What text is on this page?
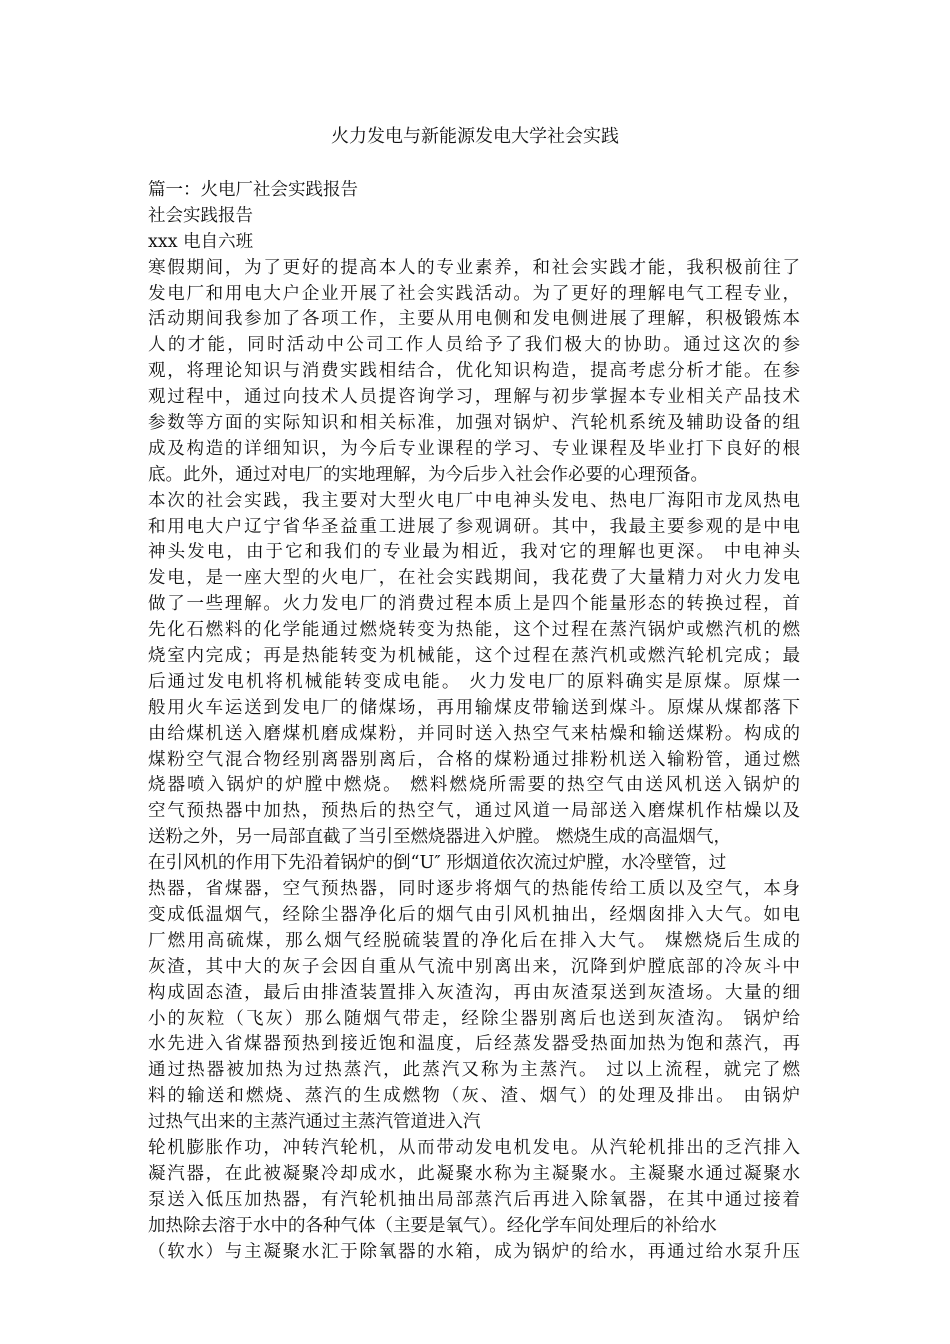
火力发电与新能源发电大学社会实践
篇一：火电厂社会实践报告
社会实践报告
xxx 电自六班
寒假期间，为了更好的提高本人的专业素养，和社会实践才能，我积极前往了
发电厂和用电大户企业开展了社会实践活动。为了更好的理解电气工程专业，
活动期间我参加了各项工作，主要从用电侧和发电侧进展了理解，积极锻炼本
人的才能，同时活动中公司工作人员给予了我们极大的协助。通过这次的参
观，将理论知识与消费实践相结合，优化知识构造，提高考虑分析才能。在参
观过程中，通过向技术人员提咨询学习，理解与初步掌握本专业相关产品技术
参数等方面的实际知识和相关标准，加强对锅炉、汽轮机系统及辅助设备的组
成及构造的详细知识，为今后专业课程的学习、专业课程及毕业打下良好的根
底。此外，通过对电厂的实地理解，为今后步入社会作必要的心理预备。
本次的社会实践，我主要对大型火电厂中电神头发电、热电厂海阳市龙凤热电
和用电大户辽宁省华圣益重工进展了参观调研。其中，我最主要参观的是中电
神头发电，由于它和我们的专业最为相近，我对它的理解也更深。 中电神头
发电，是一座大型的火电厂，在社会实践期间，我花费了大量精力对火力发电
做了一些理解。火力发电厂的消费过程本质上是四个能量形态的转换过程，首
先化石燃料的化学能通过燃烧转变为热能，这个过程在蒸汽锅炉或燃汽机的燃
烧室内完成；再是热能转变为机械能，这个过程在蒸汽机或燃汽轮机完成；最
后通过发电机将机械能转变成电能。 火力发电厂的原料确实是原煤。原煤一
般用火车运送到发电厂的储煤场，再用输煤皮带输送到煤斗。原煤从煤都落下
由给煤机送入磨煤机磨成煤粉，并同时送入热空气来枯燥和输送煤粉。构成的
煤粉空气混合物经别离器别离后，合格的煤粉通过排粉机送入输粉管，通过燃
烧器喷入锅炉的炉膛中燃烧。 燃料燃烧所需要的热空气由送风机送入锅炉的
空气预热器中加热，预热后的热空气，通过风道一局部送入磨煤机作枯燥以及
送粉之外，另一局部直截了当引至燃烧器进入炉膛。 燃烧生成的高温烟气，
在引风机的作用下先沿着锅炉的倒“U″ 形烟道依次流过炉膛，水冷壁管，过
热器，省煤器，空气预热器，同时逐步将烟气的热能传给工质以及空气，本身
变成低温烟气，经除尘器净化后的烟气由引风机抽出，经烟囱排入大气。如电
厂燃用高硫煤，那么烟气经脱硫装置的净化后在排入大气。 煤燃烧后生成的
灰渣，其中大的灰子会因自重从气流中别离出来，沉降到炉膛底部的冷灰斗中
构成固态渣，最后由排渣装置排入灰渣沟，再由灰渣泵送到灰渣场。大量的细
小的灰粒（飞灰）那么随烟气带走，经除尘器别离后也送到灰渣沟。 锅炉给
水先进入省煤器预热到接近饱和温度，后经蒸发器受热面加热为饱和蒸汽，再
通过热器被加热为过热蒸汽，此蒸汽又称为主蒸汽。 过以上流程，就完了燃
料的输送和燃烧、蒸汽的生成燃物（灰、渣、烟气）的处理及排出。 由锅炉
过热气出来的主蒸汽通过主蒸汽管道进入汽
轮机膨胀作功，冲转汽轮机，从而带动发电机发电。从汽轮机排出的乏汽排入
凝汽器，在此被凝聚冷却成水，此凝聚水称为主凝聚水。主凝聚水通过凝聚水
泵送入低压加热器，有汽轮机抽出局部蒸汽后再进入除氧器，在其中通过接着
加热除去溶于水中的各种气体（主要是氧气）。经化学车间处理后的补给水
（软水）与主凝聚水汇于除氧器的水箱，成为锅炉的给水，再通过给水泵升压
